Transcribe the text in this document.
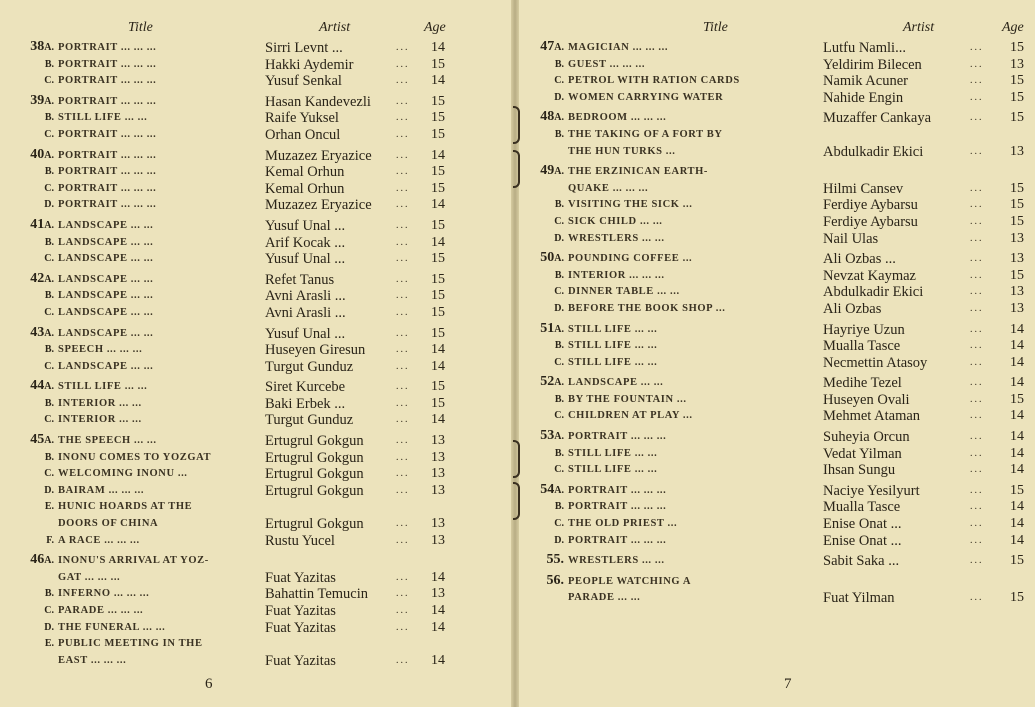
Title	Artist	Age
38A. PORTRAIT ... ... ...	Sirri Levnt ...	...	14
B. PORTRAIT ... ... ...	Hakki Aydemir	...	15
C. PORTRAIT ... ... ...	Yusuf Senkal	...	14
39A. PORTRAIT ... ... ...	Hasan Kandevezli	...	15
B. STILL LIFE ... ...	Raife Yuksel	...	15
C. PORTRAIT ... ... ...	Orhan Oncul	...	15
40A. PORTRAIT ... ... ...	Muzazez Eryazice ...	14
B. PORTRAIT ... ... ...	Kemal Orhun	...	15
C. PORTRAIT ... ... ...	Kemal Orhun	...	15
D. PORTRAIT ... ... ...	Muzazez Eryazice ...	14
41A. LANDSCAPE ... ...	Yusuf Unal ...	...	15
B. LANDSCAPE ... ...	Arif Kocak ...	...	14
C. LANDSCAPE ... ...	Yusuf Unal ...	...	15
42A. LANDSCAPE ... ...	Refet Tanus	...	15
B. LANDSCAPE ... ...	Avni Arasli ...	...	15
C. LANDSCAPE ... ...	Avni Arasli ...	...	15
43A. LANDSCAPE ... ...	Yusuf Unal ...	...	15
B. SPEECH ... ... ...	Huseyen Giresun	...	14
C. LANDSCAPE ... ...	Turgut Gunduz	...	14
44A. STILL LIFE ... ...	Siret Kurcebe	...	15
B. INTERIOR ... ...	Baki Erbek ...	...	15
C. INTERIOR ... ...	Turgut Gunduz	...	14
45A. THE SPEECH ... ...	Ertugrul Gokgun	...	13
B. INONU COMES TO YOZGAT	Ertugrul Gokgun	...	13
C. WELCOMING INONU ...	Ertugrul Gokgun	...	13
D. BAIRAM ... ... ...	Ertugrul Gokgun	...	13
E. HUNIC HOARDS AT THE
DOORS OF CHINA	Ertugrul Gokgun	...	13
F. A RACE ... ... ...	Rustu Yucel	...	13
46A. INONU'S ARRIVAL AT YOZ-
GAT ... ... ...	Fuat Yazitas	...	14
B. INFERNO ... ... ...	Bahattin Temucin	...	13
C. PARADE ... ... ...	Fuat Yazitas	...	14
D. THE FUNERAL ... ...	Fuat Yazitas	...	14
E. PUBLIC MEETING IN THE
EAST ... ... ...	Fuat Yazitas	...	14
6
Title	Artist	Age
47A. MAGICIAN ... ... ...	Lutfu Namli...	...	15
B. GUEST ... ... ...	Yeldirim Bilecen	...	13
C. PETROL WITH RATION CARDS	Namik Acuner	...	15
D. WOMEN CARRYING WATER	Nahide Engin	...	15
48A. BEDROOM ... ... ...	Muzaffer Cankaya	...	15
B. THE TAKING OF A FORT BY
THE HUN TURKS ...	Abdulkadir Ekici	...	13
49A. THE ERZINICAN EARTH-
QUAKE ... ... ...	Hilmi Cansev	...	15
B. VISITING THE SICK ...	Ferdiye Aybarsu	...	15
C. SICK CHILD ... ...	Ferdiye Aybarsu	...	15
D. WRESTLERS ... ...	Nail Ulas	...	13
50A. POUNDING COFFEE ...	Ali Ozbas ...	...	13
B. INTERIOR ... ... ...	Nevzat Kaymaz	...	15
C. DINNER TABLE ... ...	Abdulkadir Ekici	...	13
D. BEFORE THE BOOK SHOP ...	Ali Ozbas	...	13
51A. STILL LIFE ... ...	Hayriye Uzun	...	14
B. STILL LIFE ... ...	Mualla Tasce	...	14
C. STILL LIFE ... ...	Necmettin Atasoy	...	14
52A. LANDSCAPE ... ...	Medihe Tezel	...	14
B. BY THE FOUNTAIN ...	Huseyen Ovali	...	15
C. CHILDREN AT PLAY ...	Mehmet Ataman	...	14
53A. PORTRAIT ... ... ...	Suheyia Orcun	...	14
B. STILL LIFE ... ...	Vedat Yilman	...	14
C. STILL LIFE ... ...	Ihsan Sungu	...	14
54A. PORTRAIT ... ... ...	Naciye Yesilyurt	...	15
B. PORTRAIT ... ... ...	Mualla Tasce	...	14
C. THE OLD PRIEST ...	Enise Onat ...	...	14
D. PORTRAIT ... ... ...	Enise Onat ...	...	14
55. WRESTLERS ... ...	Sabit Saka ...	...	15
56. PEOPLE WATCHING A
PARADE ... ...	Fuat Yilman	...	15
7
